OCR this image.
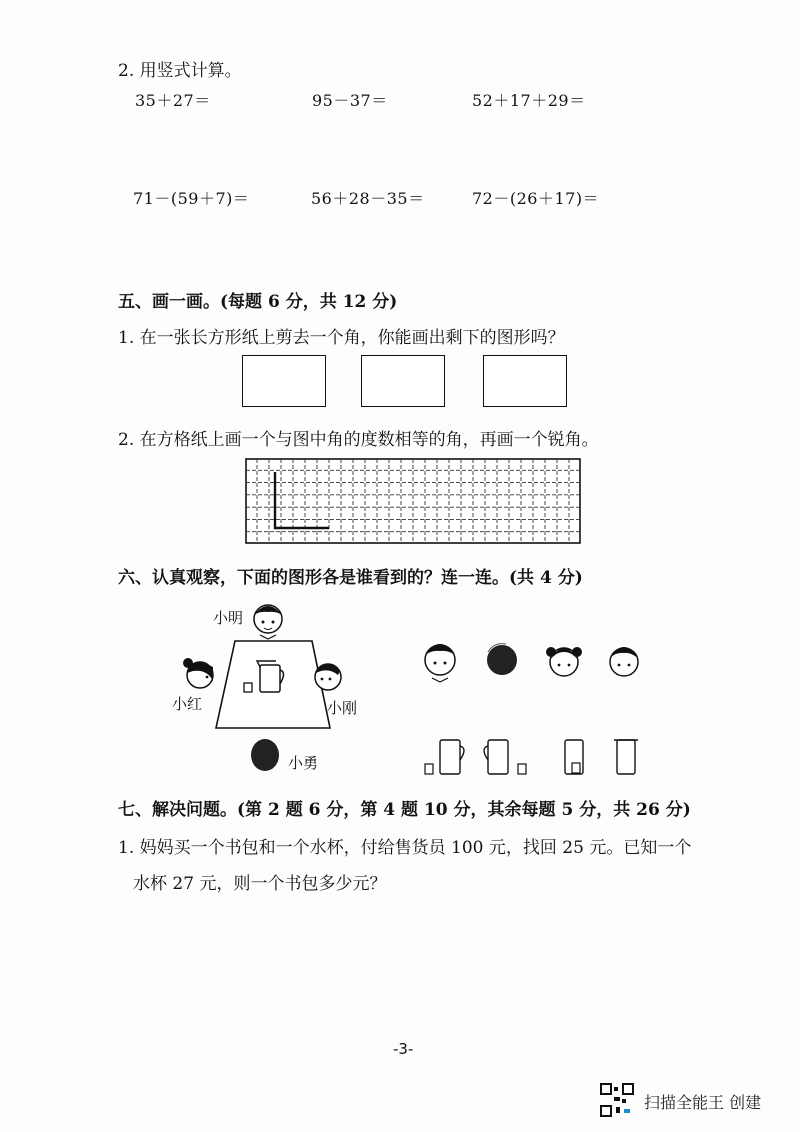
2. 用竖式计算。
35＋27＝	95－37＝	52＋17＋29＝
71－(59＋7)＝	56＋28－35＝	72－(26＋17)＝
五、画一画。(每题 6 分，共 12 分)
1. 在一张长方形纸上剪去一个角，你能画出剩下的图形吗？
2. 在方格纸上画一个与图中角的度数相等的角，再画一个锐角。
六、认真观察，下面的图形各是谁看到的？连一连。(共 4 分)
小明
小红	小刚
小勇
七、解决问题。(第 2 题 6 分，第 4 题 10 分，其余每题 5 分，共 26 分)
1. 妈妈买一个书包和一个水杯，付给售货员 100 元，找回 25 元。已知一个
水杯 27 元，则一个书包多少元？
-3-
扫描全能王 创建
